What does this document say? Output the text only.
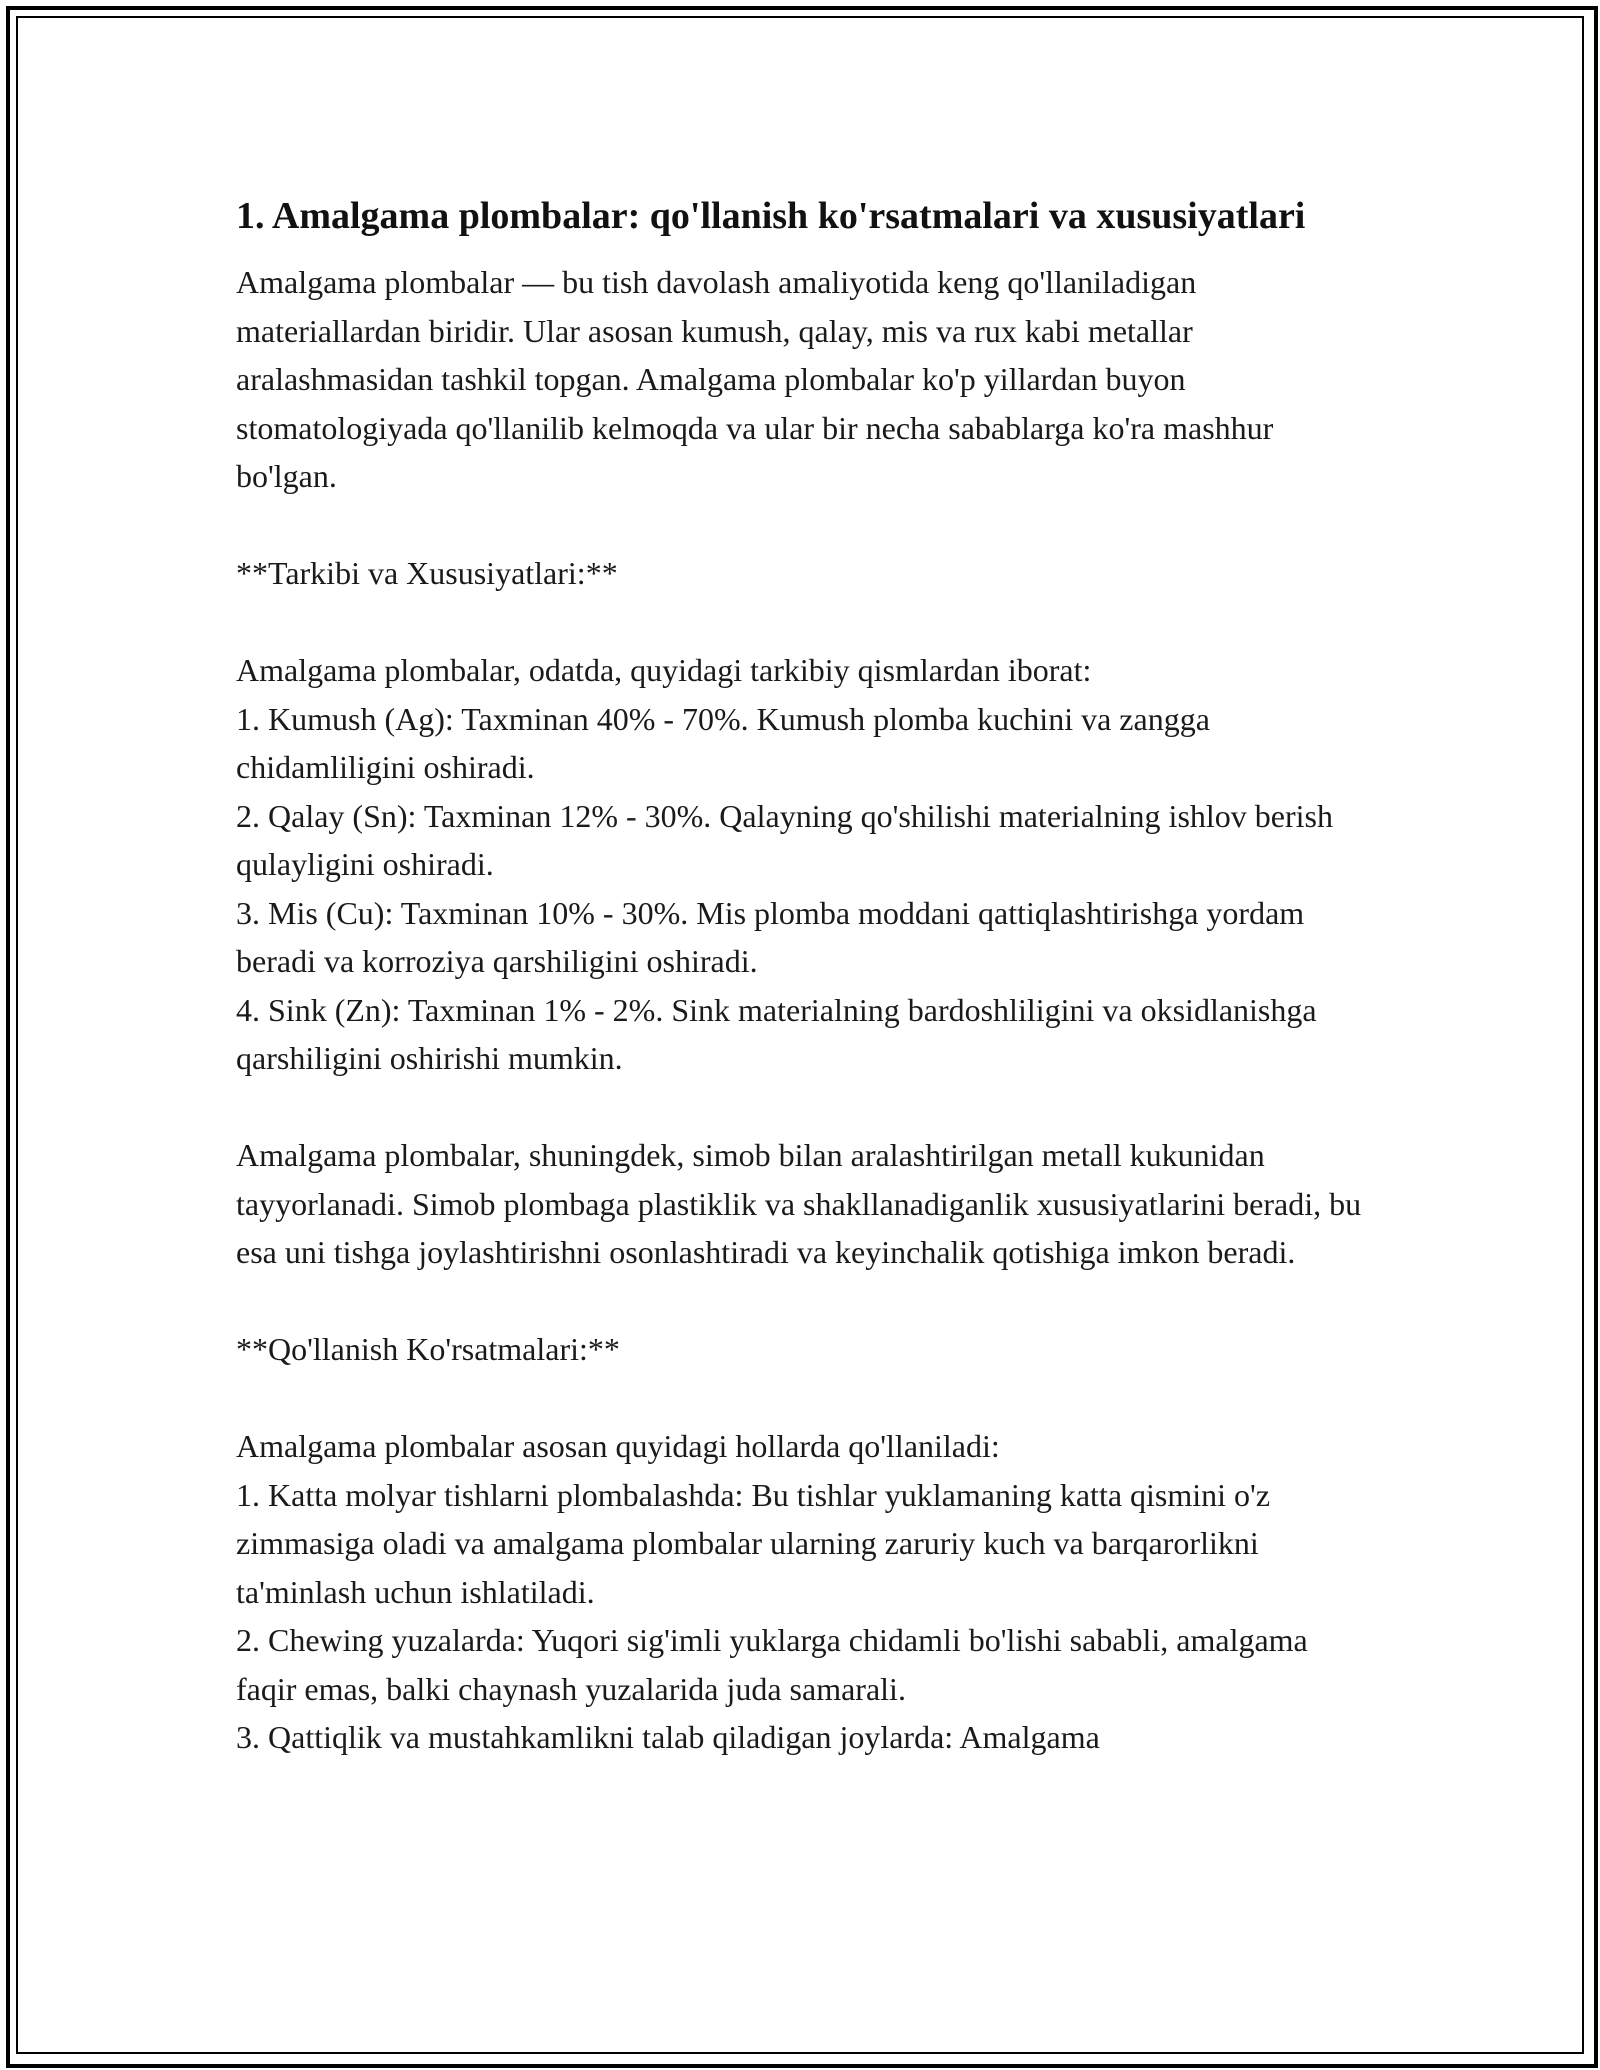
1. Amalgama plombalar: qo'llanish ko'rsatmalari va xususiyatlari

Amalgama plombalar — bu tish davolash amaliyotida keng qo'llaniladigan materiallardan biridir. Ular asosan kumush, qalay, mis va rux kabi metallar aralashmasidan tashkil topgan. Amalgama plombalar ko'p yillardan buyon stomatologiyada qo'llanilib kelmoqda va ular bir necha sabablarga ko'ra mashhur bo'lgan.

**Tarkibi va Xususiyatlari:**

Amalgama plombalar, odatda, quyidagi tarkibiy qismlardan iborat:

1. Kumush (Ag): Taxminan 40% - 70%. Kumush plomba kuchini va zangga chidamliligini oshiradi.

2. Qalay (Sn): Taxminan 12% - 30%. Qalayning qo'shilishi materialning ishlov berish qulayligini oshiradi.

3. Mis (Cu): Taxminan 10% - 30%. Mis plomba moddani qattiqlashtirishga yordam beradi va korroziya qarshiligini oshiradi.

4. Sink (Zn): Taxminan 1% - 2%. Sink materialning bardoshliligini va oksidlanishga qarshiligini oshirishi mumkin.

Amalgama plombalar, shuningdek, simob bilan aralashtirilgan metall kukunidan tayyorlanadi. Simob plombaga plastiklik va shakllanadiganlik xususiyatlarini beradi, bu esa uni tishga joylashtirishni osonlashtiradi va keyinchalik qotishiga imkon beradi.

**Qo'llanish Ko'rsatmalari:**

Amalgama plombalar asosan quyidagi hollarda qo'llaniladi:

1. Katta molyar tishlarni plombalashda: Bu tishlar yuklamaning katta qismini o'z zimmasiga oladi va amalgama plombalar ularning zaruriy kuch va barqarorlikni ta'minlash uchun ishlatiladi.

2. Chewing yuzalarda: Yuqori sig'imli yuklarga chidamli bo'lishi sababli, amalgama faqir emas, balki chaynash yuzalarida juda samarali.

3. Qattiqlik va mustahkamlikni talab qiladigan joylarda: Amalgama
